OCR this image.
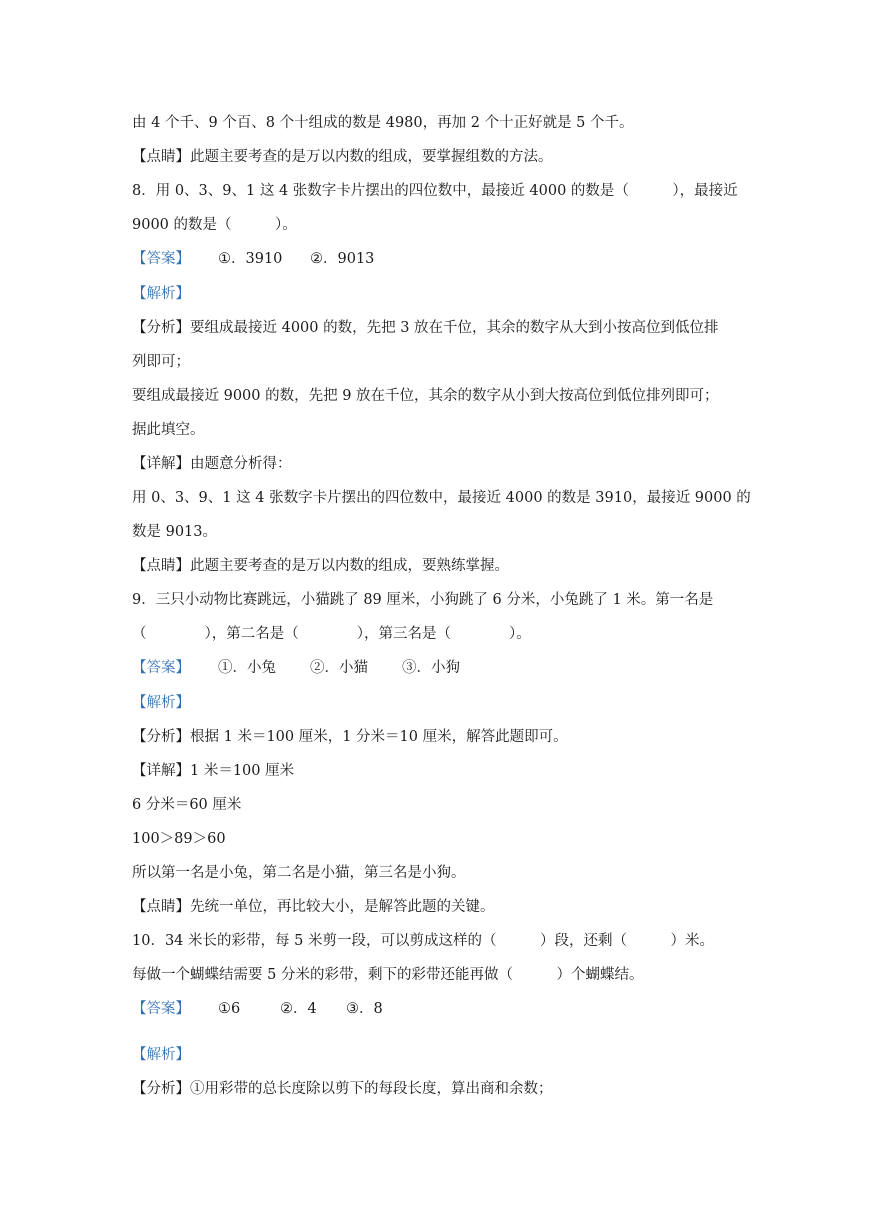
由 4 个千、9 个百、8 个十组成的数是 4980，再加 2 个十正好就是 5 个千。
【点睛】此题主要考查的是万以内数的组成，要掌握组数的方法。
8．用 0、3、9、1 这 4 张数字卡片摆出的四位数中，最接近 4000 的数是（　　　），最接近
9000 的数是（　　　）。
【答案】 ①．3910 ②．9013
【解析】
【分析】要组成最接近 4000 的数，先把 3 放在千位，其余的数字从大到小按高位到低位排
列即可；
要组成最接近 9000 的数，先把 9 放在千位，其余的数字从小到大按高位到低位排列即可；
据此填空。
【详解】由题意分析得：
用 0、3、9、1 这 4 张数字卡片摆出的四位数中，最接近 4000 的数是 3910，最接近 9000 的
数是 9013。
【点睛】此题主要考查的是万以内数的组成，要熟练掌握。
9．三只小动物比赛跳远，小猫跳了 89 厘米，小狗跳了 6 分米，小兔跳了 1 米。第一名是
（　　　　），第二名是（　　　　），第三名是（　　　　）。
【答案】 ①．小兔 ②．小猫 ③．小狗
【解析】
【分析】根据 1 米＝100 厘米，1 分米＝10 厘米，解答此题即可。
【详解】1 米＝100 厘米
6 分米＝60 厘米
100＞89＞60
所以第一名是小兔，第二名是小猫，第三名是小狗。
【点睛】先统一单位，再比较大小，是解答此题的关键。
10．34 米长的彩带，每 5 米剪一段，可以剪成这样的（　　　）段，还剩（　　　）米。
每做一个蝴蝶结需要 5 分米的彩带，剩下的彩带还能再做（　　　）个蝴蝶结。
【答案】 ①6	②．4 ③．8
【解析】
【分析】①用彩带的总长度除以剪下的每段长度，算出商和余数；
